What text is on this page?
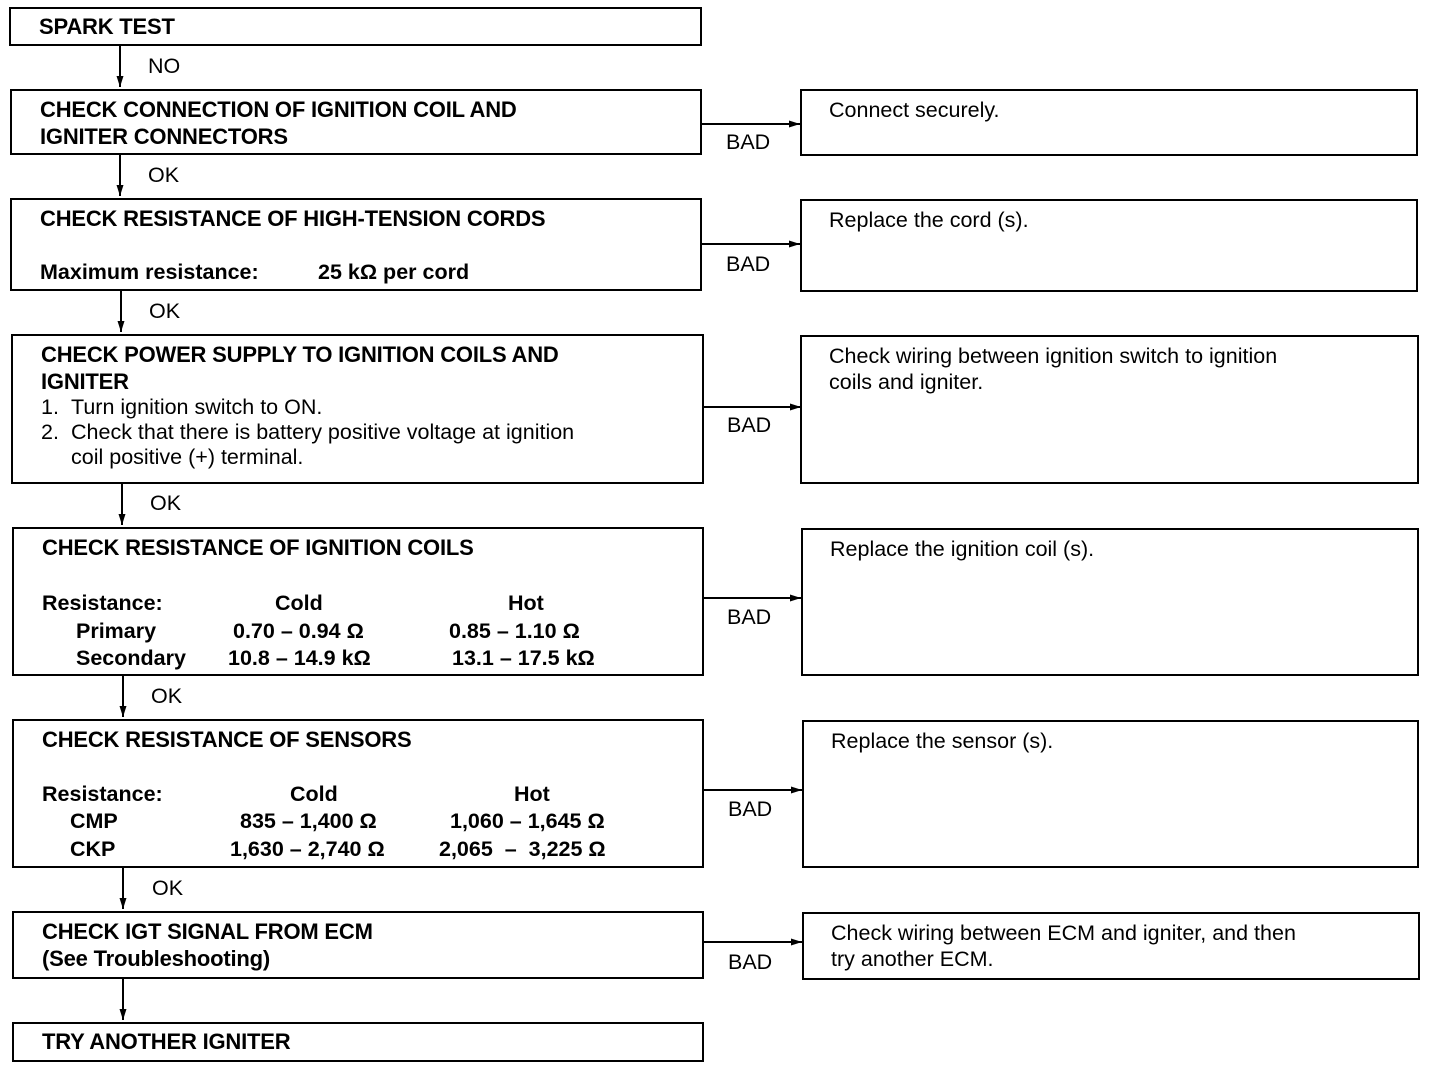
NO
OK
OK
OK
OK
OK
BAD
BAD
BAD
BAD
BAD
BAD
SPARK TEST
CHECK CONNECTION OF IGNITION COIL AND
IGNITER CONNECTORS
Connect securely.
CHECK RESISTANCE OF HIGH-TENSION CORDS
Maximum resistance:	25 kΩ per cord
Replace the cord (s).
CHECK POWER SUPPLY TO IGNITION COILS AND
IGNITER
1. Turn ignition switch to ON.
2. Check that there is battery positive voltage at ignition
coil positive (+) terminal.
Check wiring between ignition switch to ignition
coils and igniter.
CHECK RESISTANCE OF IGNITION COILS
Resistance:	Cold	Hot
Primary	0.70 – 0.94 Ω	0.85 – 1.10 Ω
Secondary 10.8 – 14.9 kΩ	13.1 – 17.5 kΩ
Replace the ignition coil (s).
CHECK RESISTANCE OF SENSORS
Resistance:	Cold	Hot
CMP	835 – 1,400 Ω	1,060 – 1,645 Ω
CKP	1,630 – 2,740 Ω	2,065  –  3,225 Ω
Replace the sensor (s).
CHECK IGT SIGNAL FROM ECM
(See Troubleshooting)
Check wiring between ECM and igniter, and then
try another ECM.
TRY ANOTHER IGNITER
